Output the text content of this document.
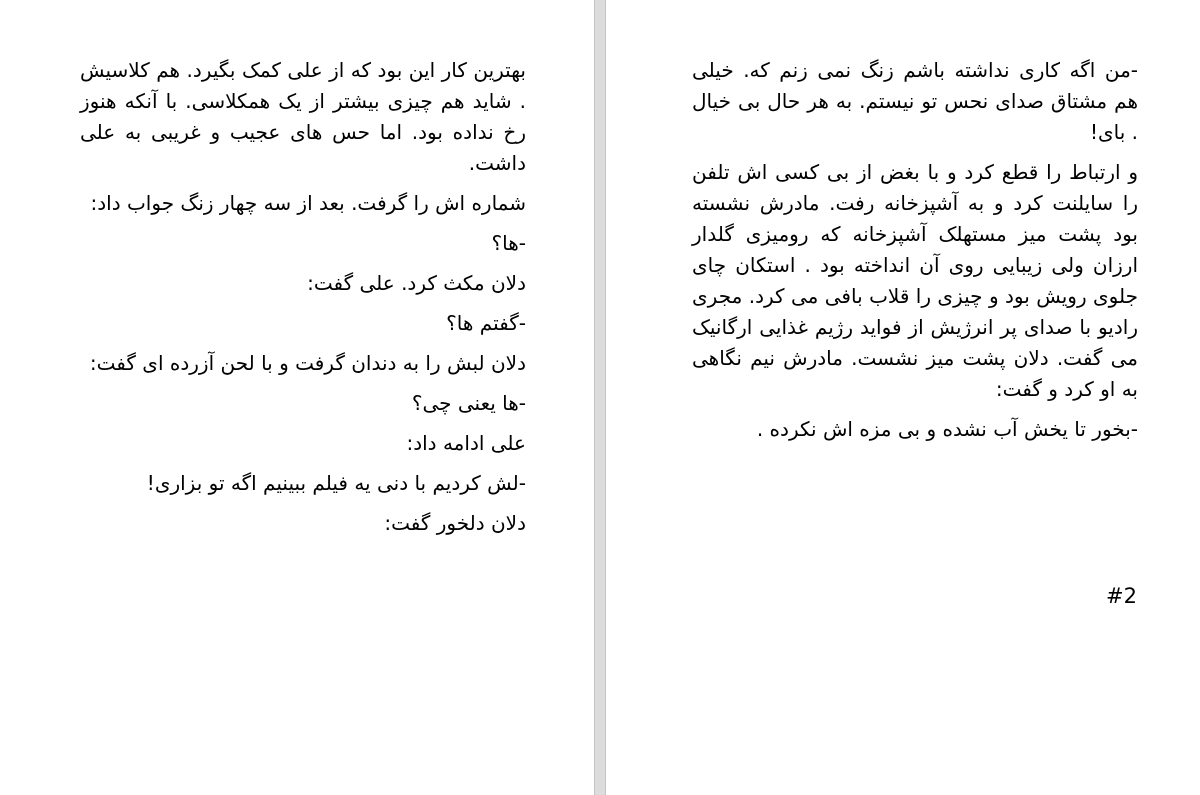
بهترین کار این بود که از علی کمک بگیرد. هم کلاسیش . شاید هم چیزی بیشتر از یک همکلاسی. با آنکه هنوز رخ نداده بود. اما حس های عجیب و غریبی به علی داشت.

شماره اش را گرفت. بعد از سه چهار زنگ جواب داد:

-ها؟

دلان مکث کرد. علی گفت:

-گفتم ها؟

دلان لبش را به دندان گرفت و با لحن آزرده ای گفت:

-ها یعنی چی؟

علی ادامه داد:

-لش کردیم با دنی یه فیلم ببینیم اگه تو بزاری!

دلان دلخور گفت:

-من اگه کاری نداشته باشم زنگ نمی زنم که. خیلی هم مشتاق صدای نحس تو نیستم. به هر حال بی خیال . بای!

و ارتباط را قطع کرد و با بغض از بی کسی اش تلفن را سایلنت کرد و به آشپزخانه رفت. مادرش نشسته بود پشت میز مستهلک آشپزخانه که رومیزی گلدار ارزان ولی زیبایی روی آن انداخته بود . استکان چای جلوی رویش بود و چیزی را قلاب بافی می کرد. مجری رادیو با صدای پر انرژیش از فواید رژیم غذایی ارگانیک می گفت. دلان پشت میز نشست. مادرش نیم نگاهی به او کرد و گفت:

-بخور تا یخش آب نشده و بی مزه اش نکرده .

#2
